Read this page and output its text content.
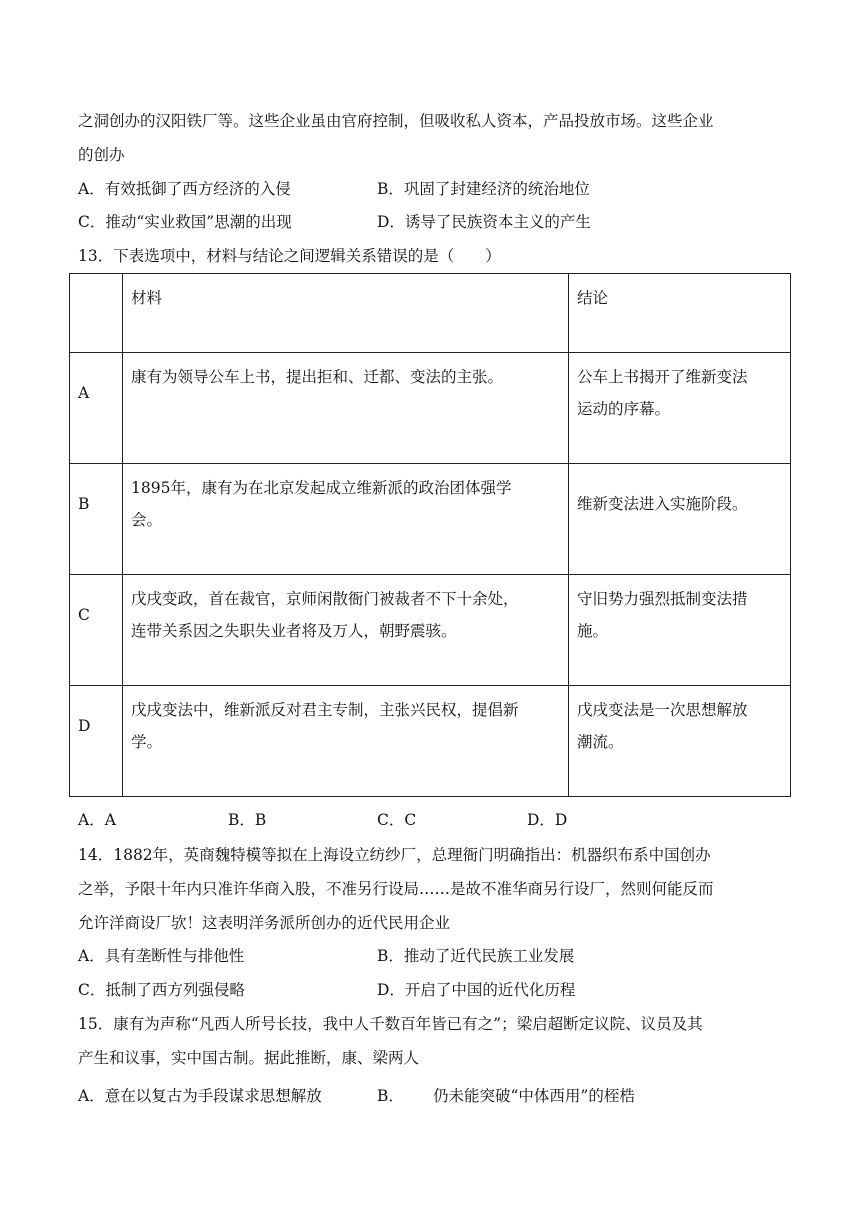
之洞创办的汉阳铁厂等。这些企业虽由官府控制，但吸收私人资本，产品投放市场。这些企业
的创办
A．有效抵御了西方经济的入侵	B．巩固了封建经济的统治地位
C．推动“实业救国”思潮的出现	D．诱导了民族资本主义的产生
13．下表选项中，材料与结论之间逻辑关系错误的是（　　）

	材料	结论

A	康有为领导公车上书，提出拒和、迁都、变法的主张。	公车上书揭开了维新变法
运动的序幕。

B	1895年，康有为在北京发起成立维新派的政治团体强学
会。	维新变法进入实施阶段。

C	戊戌变政，首在裁官，京师闲散衙门被裁者不下十余处，
连带关系因之失职失业者将及万人，朝野震骇。	守旧势力强烈抵制变法措
施。

D	戊戌变法中，维新派反对君主专制，主张兴民权，提倡新
学。	戊戌变法是一次思想解放
潮流。
A．A	B．B	C．C	D．D
14．1882年，英商魏特模等拟在上海设立纺纱厂，总理衙门明确指出：机器织布系中国创办
之举，予限十年内只准许华商入股，不准另行设局……是故不准华商另行设厂，然则何能反而
允许洋商设厂欤！这表明洋务派所创办的近代民用企业
A．具有垄断性与排他性	B．推动了近代民族工业发展
C．抵制了西方列强侵略	D．开启了中国的近代化历程
15．康有为声称“凡西人所号长技，我中人千数百年皆已有之”；梁启超断定议院、议员及其
产生和议事，实中国古制。据此推断，康、梁两人
A．意在以复古为手段谋求思想解放	B． 仍未能突破“中体西用”的桎梏
